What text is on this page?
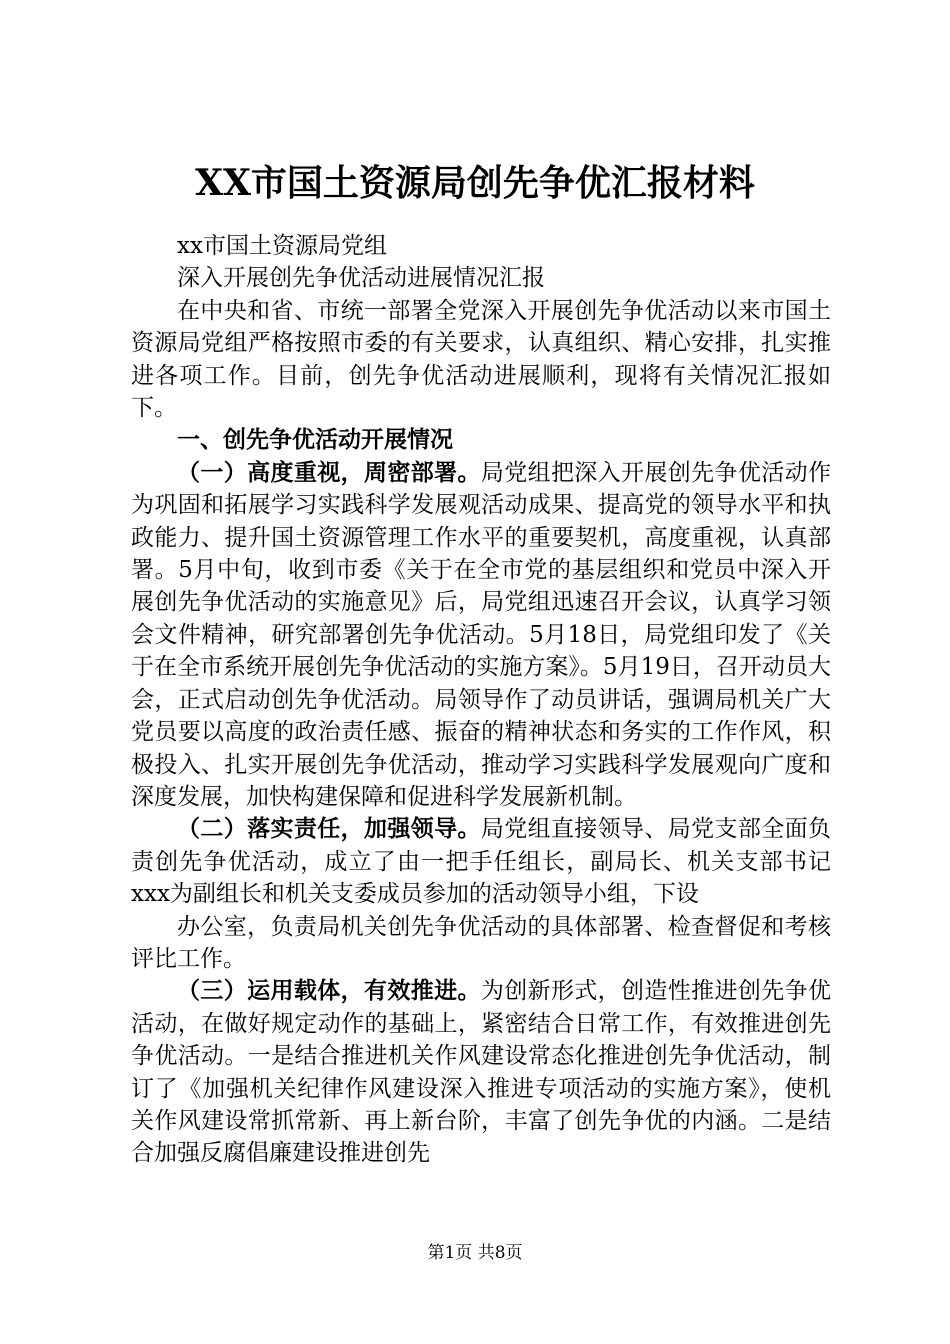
XX市国土资源局创先争优汇报材料

xx市国土资源局党组

深入开展创先争优活动进展情况汇报

在中央和省、市统一部署全党深入开展创先争优活动以来市国土资源局党组严格按照市委的有关要求，认真组织、精心安排，扎实推进各项工作。目前，创先争优活动进展顺利，现将有关情况汇报如下。

一、创先争优活动开展情况

（一）高度重视，周密部署。局党组把深入开展创先争优活动作为巩固和拓展学习实践科学发展观活动成果、提高党的领导水平和执政能力、提升国土资源管理工作水平的重要契机，高度重视，认真部署。5月中旬，收到市委《关于在全市党的基层组织和党员中深入开展创先争优活动的实施意见》后，局党组迅速召开会议，认真学习领会文件精神，研究部署创先争优活动。5月18日，局党组印发了《关于在全市系统开展创先争优活动的实施方案》。5月19日，召开动员大会，正式启动创先争优活动。局领导作了动员讲话，强调局机关广大党员要以高度的政治责任感、振奋的精神状态和务实的工作作风，积极投入、扎实开展创先争优活动，推动学习实践科学发展观向广度和深度发展，加快构建保障和促进科学发展新机制。

（二）落实责任，加强领导。局党组直接领导、局党支部全面负责创先争优活动，成立了由一把手任组长，副局长、机关支部书记xxx为副组长和机关支委成员参加的活动领导小组，下设

办公室，负责局机关创先争优活动的具体部署、检查督促和考核评比工作。

（三）运用载体，有效推进。为创新形式，创造性推进创先争优活动，在做好规定动作的基础上，紧密结合日常工作，有效推进创先争优活动。一是结合推进机关作风建设常态化推进创先争优活动，制订了《加强机关纪律作风建设深入推进专项活动的实施方案》，使机关作风建设常抓常新、再上新台阶，丰富了创先争优的内涵。二是结合加强反腐倡廉建设推进创先

第1页 共8页
